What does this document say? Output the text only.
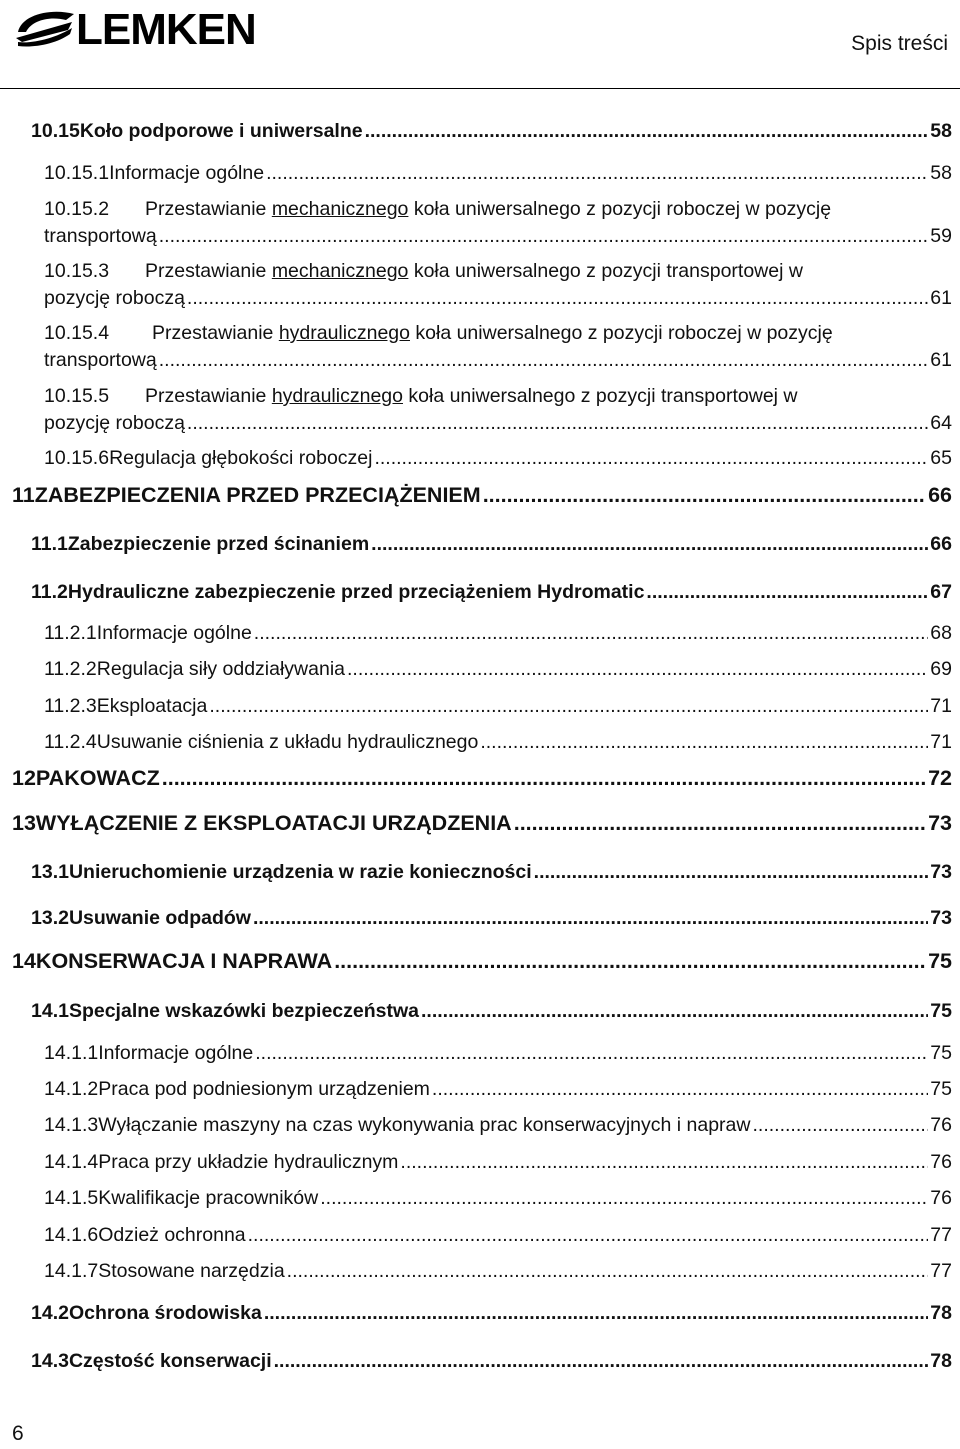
LEMKEN	Spis treści
10.15 Koło podporowe i uniwersalne .....	58
10.15.1 Informacje ogólne .....	58
10.15.2	Przestawianie mechanicznego koła uniwersalnego z pozycji roboczej w pozycję
transportową .....	59
10.15.3	Przestawianie mechanicznego koła uniwersalnego z pozycji transportowej w
pozycję roboczą .....	61
10.15.4	Przestawianie hydraulicznego koła uniwersalnego z pozycji roboczej w pozycję
transportową .....	61
10.15.5	Przestawianie hydraulicznego koła uniwersalnego z pozycji transportowej w
pozycję roboczą .....	64
10.15.6 Regulacja głębokości roboczej .....	65
11 ZABEZPIECZENIA PRZED PRZECIĄŻENIEM .....	66
11.1 Zabezpieczenie przed ścinaniem .....	66
11.2 Hydrauliczne zabezpieczenie przed przeciążeniem Hydromatic .....	67
11.2.1 Informacje ogólne .....	68
11.2.2 Regulacja siły oddziaływania .....	69
11.2.3 Eksploatacja .....	71
11.2.4 Usuwanie ciśnienia z układu hydraulicznego .....	71
12 PAKOWACZ .....	72
13 WYŁĄCZENIE Z EKSPLOATACJI URZĄDZENIA .....	73
13.1 Unieruchomienie urządzenia w razie konieczności .....	73
13.2 Usuwanie odpadów .....	73
14 KONSERWACJA I NAPRAWA .....	75
14.1 Specjalne wskazówki bezpieczeństwa .....	75
14.1.1 Informacje ogólne .....	75
14.1.2 Praca pod podniesionym urządzeniem .....	75
14.1.3 Wyłączanie maszyny na czas wykonywania prac konserwacyjnych i napraw .....	76
14.1.4 Praca przy układzie hydraulicznym .....	76
14.1.5 Kwalifikacje pracowników .....	76
14.1.6 Odzież ochronna .....	77
14.1.7 Stosowane narzędzia .....	77
14.2 Ochrona środowiska .....	78
14.3 Częstość konserwacji .....	78
6
